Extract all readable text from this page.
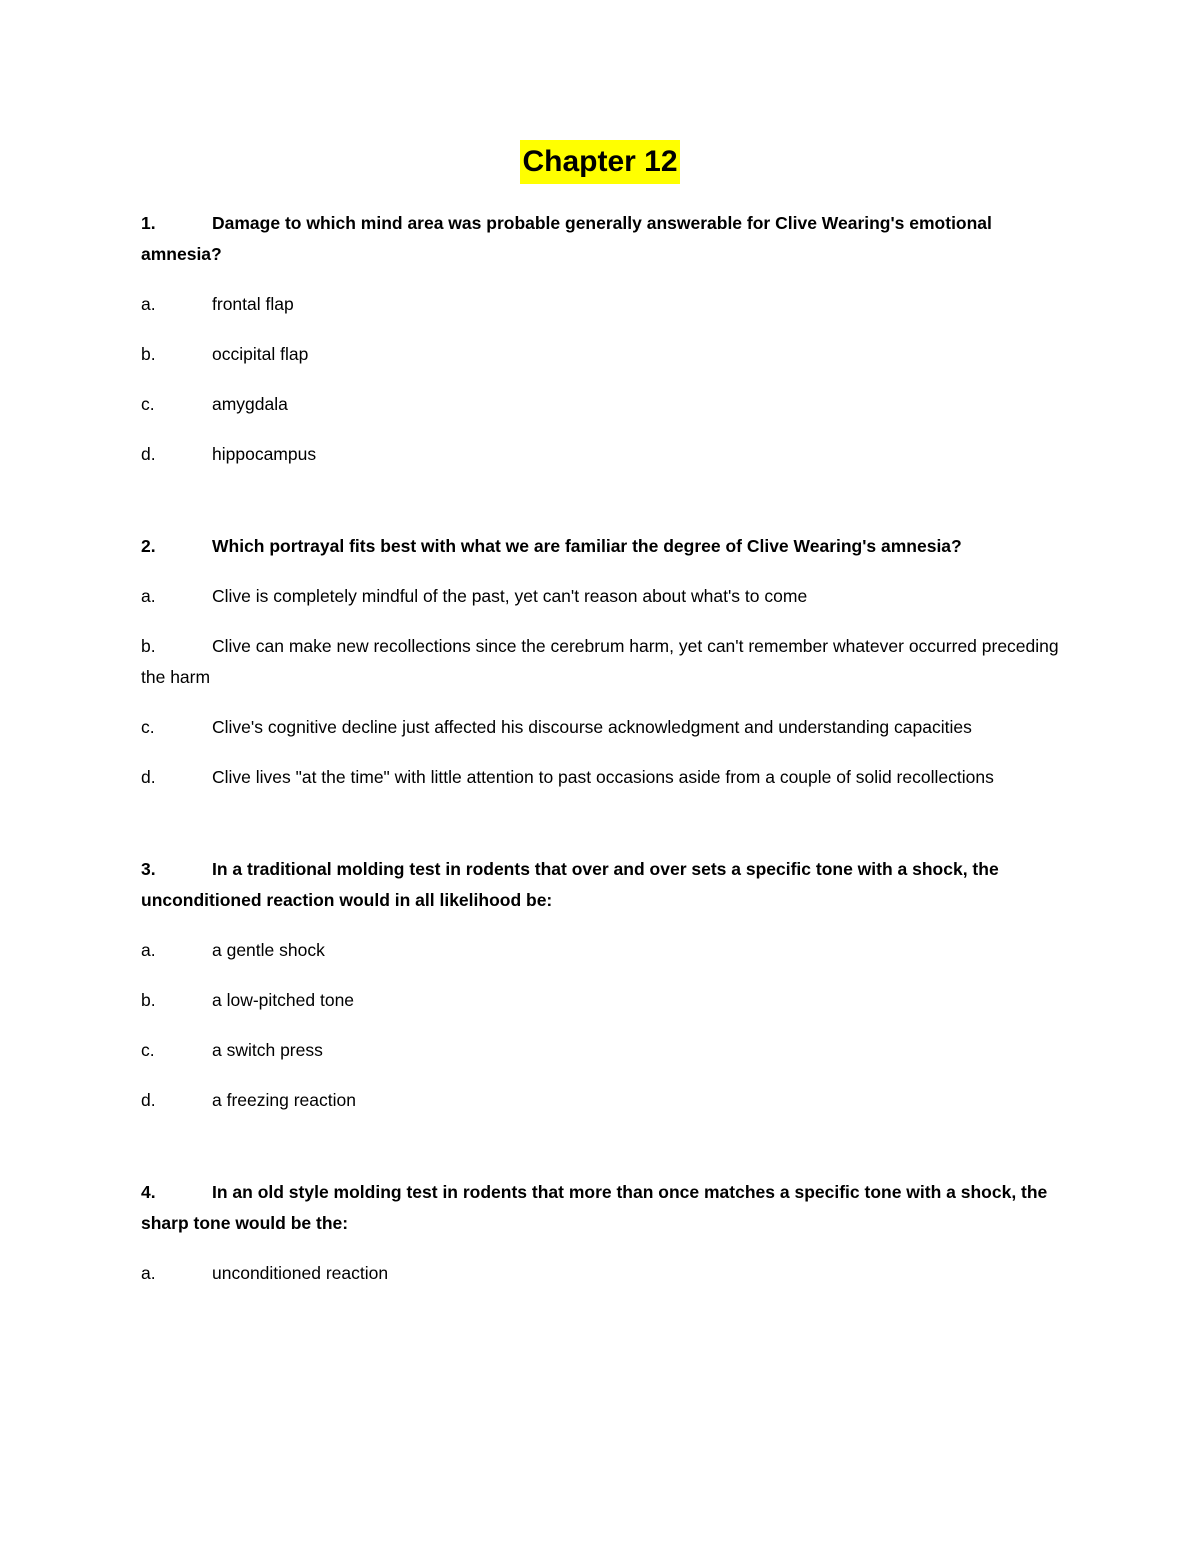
Chapter 12
1.	Damage to which mind area was probable generally answerable for Clive Wearing's emotional amnesia?
a.	frontal flap
b.	occipital flap
c.	amygdala
d.	hippocampus
2.	Which portrayal fits best with what we are familiar the degree of Clive Wearing's amnesia?
a.	Clive is completely mindful of the past, yet can't reason about what's to come
b.	Clive can make new recollections since the cerebrum harm, yet can't remember whatever occurred preceding the harm
c.	Clive's cognitive decline just affected his discourse acknowledgment and understanding capacities
d.	Clive lives "at the time" with little attention to past occasions aside from a couple of solid recollections
3.	In a traditional molding test in rodents that over and over sets a specific tone with a shock, the unconditioned reaction would in all likelihood be:
a.	a gentle shock
b.	a low-pitched tone
c.	a switch press
d.	a freezing reaction
4.	In an old style molding test in rodents that more than once matches a specific tone with a shock, the sharp tone would be the:
a.	unconditioned reaction
